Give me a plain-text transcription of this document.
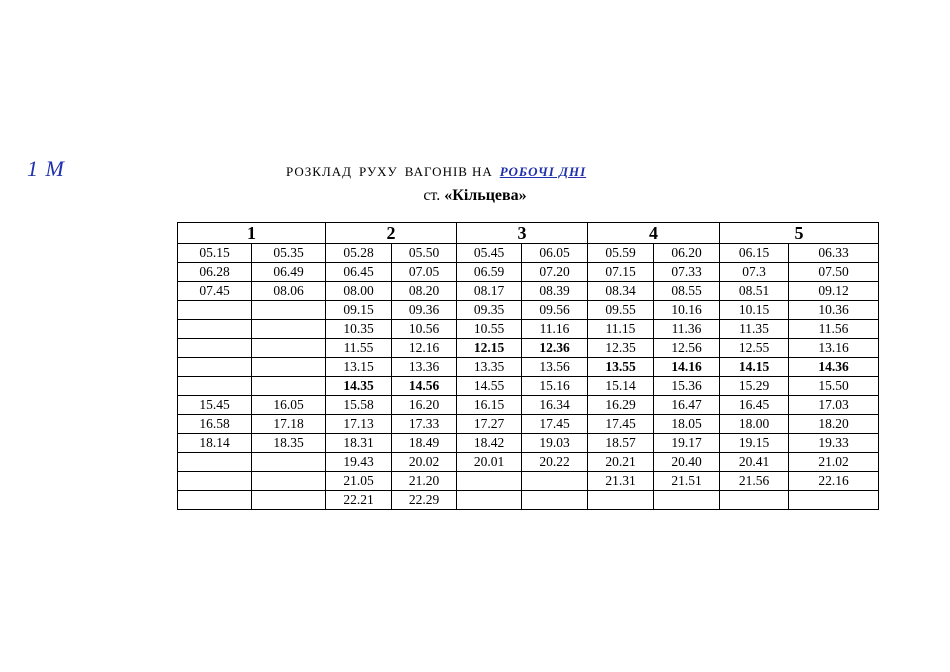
1 М	РОЗКЛАД РУХУ ВАГОНІВ НА РОБОЧІ ДНІ
ст. «Кільцева»
1		2		3		4		5	
05.15	05.35	05.28	05.50	05.45	06.05	05.59	06.20	06.15	06.33
06.28	06.49	06.45	07.05	06.59	07.20	07.15	07.33	07.3	07.50
07.45	08.06	08.00	08.20	08.17	08.39	08.34	08.55	08.51	09.12
		09.15	09.36	09.35	09.56	09.55	10.16	10.15	10.36
		10.35	10.56	10.55	11.16	11.15	11.36	11.35	11.56
		11.55	12.16	12.15	12.36	12.35	12.56	12.55	13.16
		13.15	13.36	13.35	13.56	13.55	14.16	14.15	14.36
		14.35	14.56	14.55	15.16	15.14	15.36	15.29	15.50
15.45	16.05	15.58	16.20	16.15	16.34	16.29	16.47	16.45	17.03
16.58	17.18	17.13	17.33	17.27	17.45	17.45	18.05	18.00	18.20
18.14	18.35	18.31	18.49	18.42	19.03	18.57	19.17	19.15	19.33
		19.43	20.02	20.01	20.22	20.21	20.40	20.41	21.02
		21.05	21.20			21.31	21.51	21.56	22.16
		22.21	22.29						
